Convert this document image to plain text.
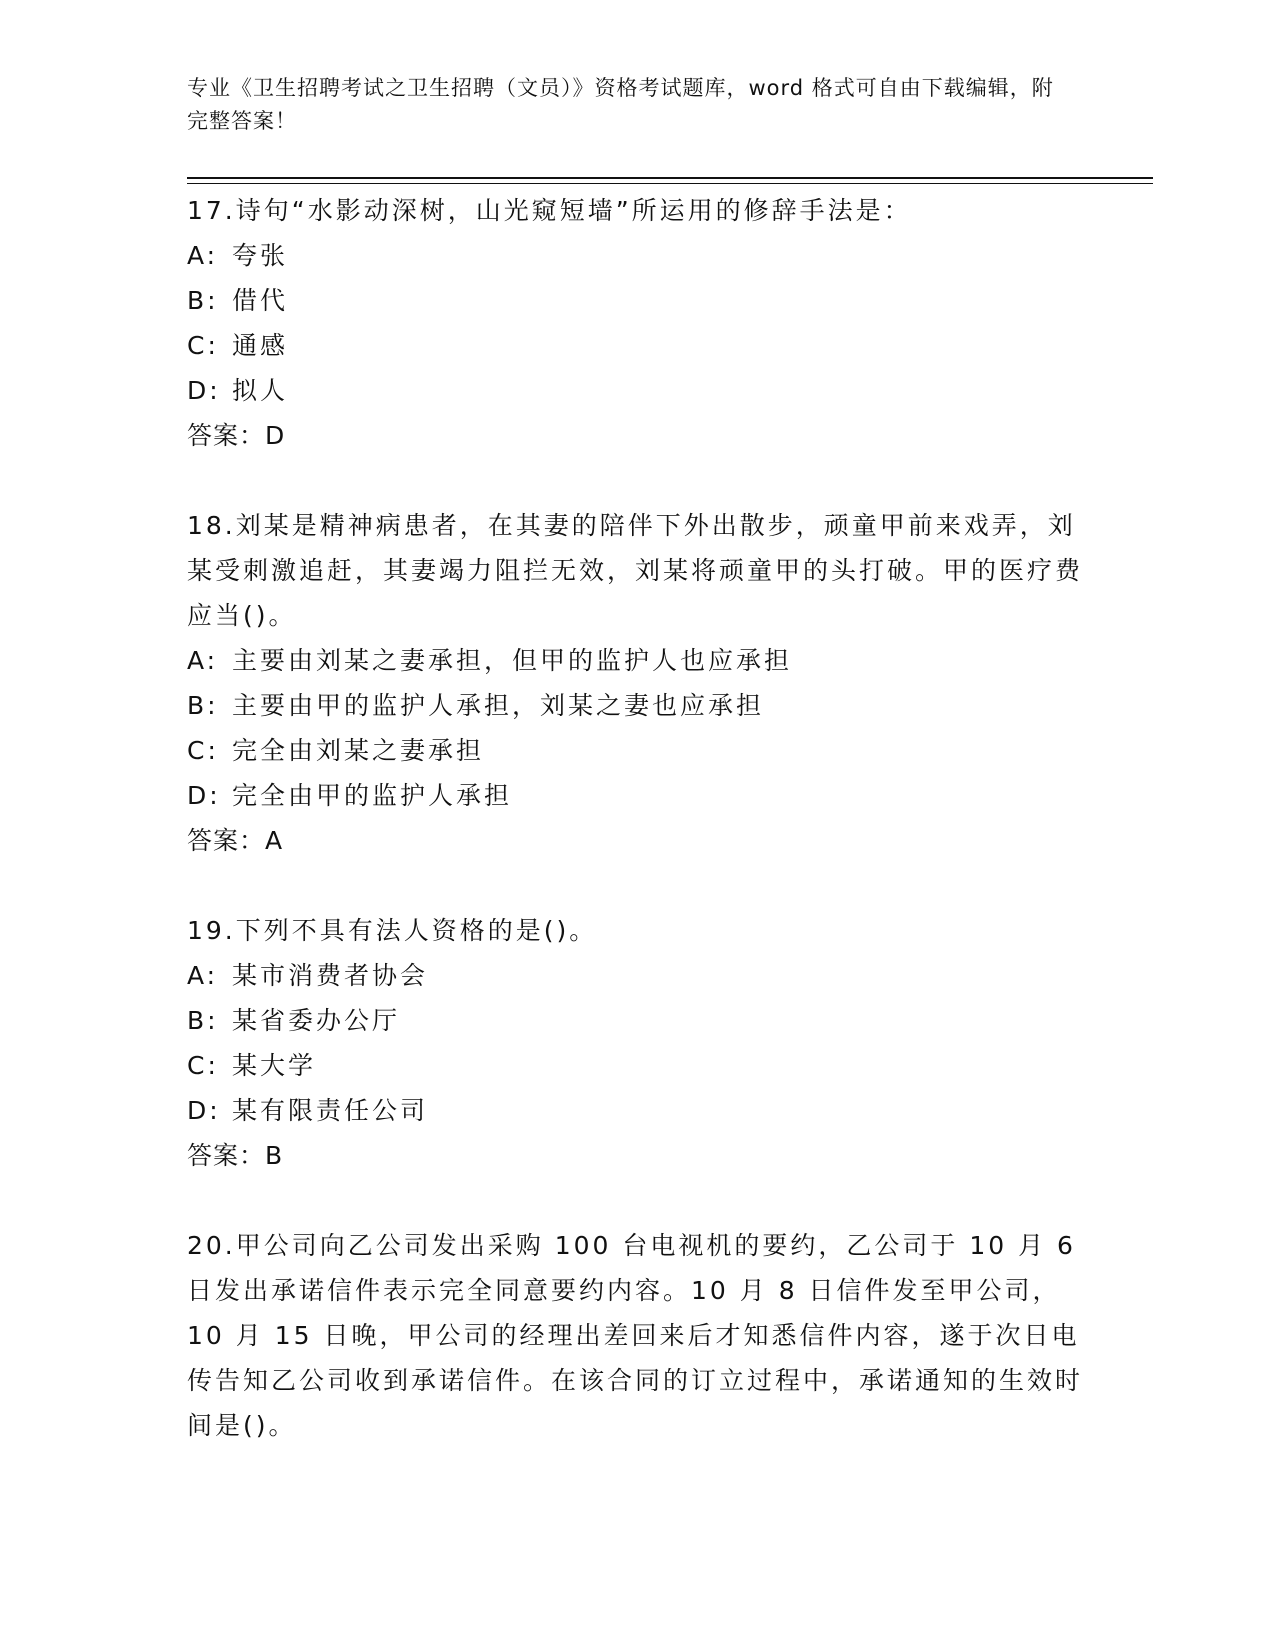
专业《卫生招聘考试之卫生招聘（文员）》资格考试题库，word 格式可自由下载编辑，附完整答案！
17.诗句“水影动深树，山光窥短墙”所运用的修辞手法是：
A: 夸张
B: 借代
C: 通感
D: 拟人
答案：D
18.刘某是精神病患者，在其妻的陪伴下外出散步，顽童甲前来戏弄，刘某受刺激追赶，其妻竭力阻拦无效，刘某将顽童甲的头打破。甲的医疗费应当()。
A: 主要由刘某之妻承担，但甲的监护人也应承担
B: 主要由甲的监护人承担，刘某之妻也应承担
C: 完全由刘某之妻承担
D: 完全由甲的监护人承担
答案：A
19.下列不具有法人资格的是()。
A: 某市消费者协会
B: 某省委办公厅
C: 某大学
D: 某有限责任公司
答案：B
20.甲公司向乙公司发出采购 100 台电视机的要约，乙公司于 10 月 6 日发出承诺信件表示完全同意要约内容。10 月 8 日信件发至甲公司，10 月 15 日晚，甲公司的经理出差回来后才知悉信件内容，遂于次日电传告知乙公司收到承诺信件。在该合同的订立过程中，承诺通知的生效时间是()。
